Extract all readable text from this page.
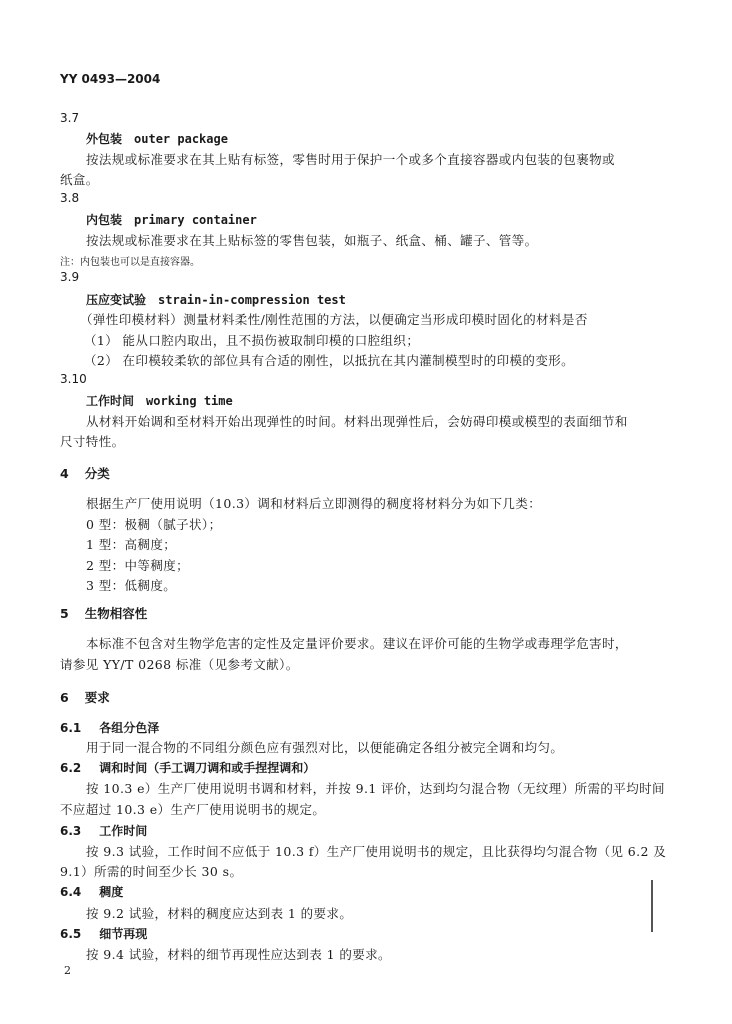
YY 0493—2004
3.7
外包装 outer package
按法规或标准要求在其上贴有标签，零售时用于保护一个或多个直接容器或内包装的包裹物或
纸盒。
3.8
内包装 primary container
按法规或标准要求在其上贴标签的零售包装，如瓶子、纸盒、桶、罐子、管等。
注：内包装也可以是直接容器。
3.9
压应变试验 strain-in-compression test
（弹性印模材料）测量材料柔性/刚性范围的方法，以便确定当形成印模时固化的材料是否
（1） 能从口腔内取出，且不损伤被取制印模的口腔组织；
（2） 在印模较柔软的部位具有合适的刚性，以抵抗在其内灌制模型时的印模的变形。
3.10
工作时间 working time
从材料开始调和至材料开始出现弹性的时间。材料出现弹性后，会妨碍印模或模型的表面细节和
尺寸特性。
4 分类
根据生产厂使用说明（10.3）调和材料后立即测得的稠度将材料分为如下几类：
0 型：极稠（腻子状）；
1 型：高稠度；
2 型：中等稠度；
3 型：低稠度。
5 生物相容性
本标准不包含对生物学危害的定性及定量评价要求。建议在评价可能的生物学或毒理学危害时，
请参见 YY/T 0268 标准（见参考文献）。
6 要求
6.1 各组分色泽
用于同一混合物的不同组分颜色应有强烈对比，以便能确定各组分被完全调和均匀。
6.2 调和时间（手工调刀调和或手捏捏调和）
按 10.3 e）生产厂使用说明书调和材料，并按 9.1 评价，达到均匀混合物（无纹理）所需的平均时间
不应超过 10.3 e）生产厂使用说明书的规定。
6.3 工作时间
按 9.3 试验，工作时间不应低于 10.3 f）生产厂使用说明书的规定，且比获得均匀混合物（见 6.2 及
9.1）所需的时间至少长 30 s。
6.4 稠度
按 9.2 试验，材料的稠度应达到表 1 的要求。
6.5 细节再现
按 9.4 试验，材料的细节再现性应达到表 1 的要求。
2
